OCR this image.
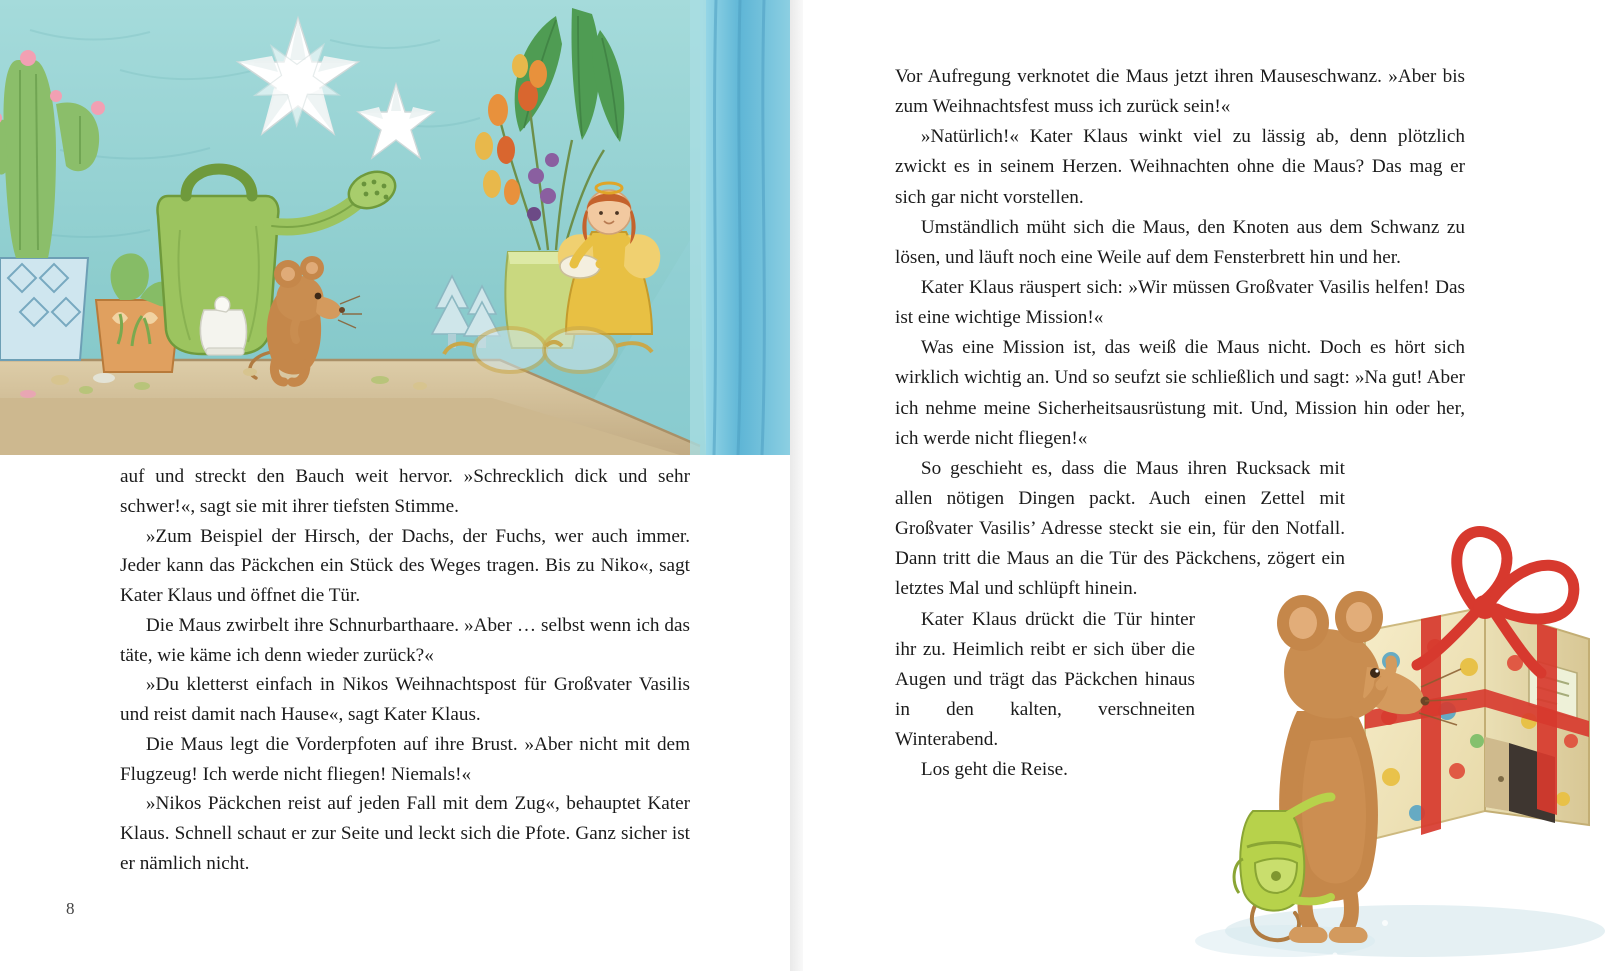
auf und streckt den Bauch weit hervor. »Schrecklich dick und sehr schwer!«, sagt sie mit ihrer tiefsten Stimme.

»Zum Beispiel der Hirsch, der Dachs, der Fuchs, wer auch immer. Jeder kann das Päckchen ein Stück des Weges tragen. Bis zu Niko«, sagt Kater Klaus und öffnet die Tür.

Die Maus zwirbelt ihre Schnurbarthaare. »Aber … selbst wenn ich das täte, wie käme ich denn wieder zurück?«

»Du kletterst einfach in Nikos Weihnachtspost für Großvater Vasilis und reist damit nach Hause«, sagt Kater Klaus.

Die Maus legt die Vorderpfoten auf ihre Brust. »Aber nicht mit dem Flugzeug! Ich werde nicht fliegen! Niemals!«

»Nikos Päckchen reist auf jeden Fall mit dem Zug«, behauptet Kater Klaus. Schnell schaut er zur Seite und leckt sich die Pfote. Ganz sicher ist er nämlich nicht.

8

Vor Aufregung verknotet die Maus jetzt ihren Mauseschwanz. »Aber bis zum Weihnachtsfest muss ich zurück sein!«

»Natürlich!« Kater Klaus winkt viel zu lässig ab, denn plötzlich zwickt es in seinem Herzen. Weihnachten ohne die Maus? Das mag er sich gar nicht vorstellen.

Umständlich müht sich die Maus, den Knoten aus dem Schwanz zu lösen, und läuft noch eine Weile auf dem Fensterbrett hin und her.

Kater Klaus räuspert sich: »Wir müssen Großvater Vasilis helfen! Das ist eine wichtige Mission!«

Was eine Mission ist, das weiß die Maus nicht. Doch es hört sich wirklich wichtig an. Und so seufzt sie schließlich und sagt: »Na gut! Aber ich nehme meine Sicherheitsausrüstung mit. Und, Mission hin oder her, ich werde nicht fliegen!«

So geschieht es, dass die Maus ihren Rucksack mit allen nötigen Dingen packt. Auch einen Zettel mit Großvater Vasilis’ Adresse steckt sie ein, für den Notfall. Dann tritt die Maus an die Tür des Päckchens, zögert ein letztes Mal und schlüpft hinein.

Kater Klaus drückt die Tür hinter ihr zu. Heimlich reibt er sich über die Augen und trägt das Päckchen hinaus in den kalten, verschneiten Winterabend.

Los geht die Reise.
